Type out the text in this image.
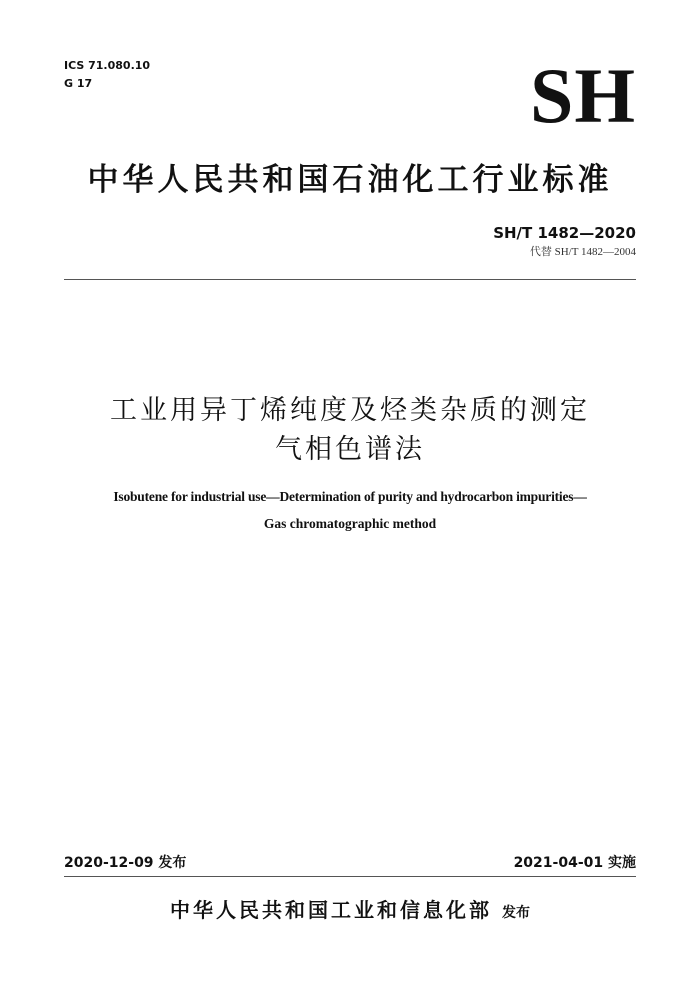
ICS 71.080.10
G 17	SH
中华人民共和国石油化工行业标准
SH/T 1482—2020
代替 SH/T 1482—2004
工业用异丁烯纯度及烃类杂质的测定
气相色谱法
Isobutene for industrial use—Determination of purity and hydrocarbon impurities—
Gas chromatographic method
2020-12-09 发布	2021-04-01 实施
中华人民共和国工业和信息化部 发布
